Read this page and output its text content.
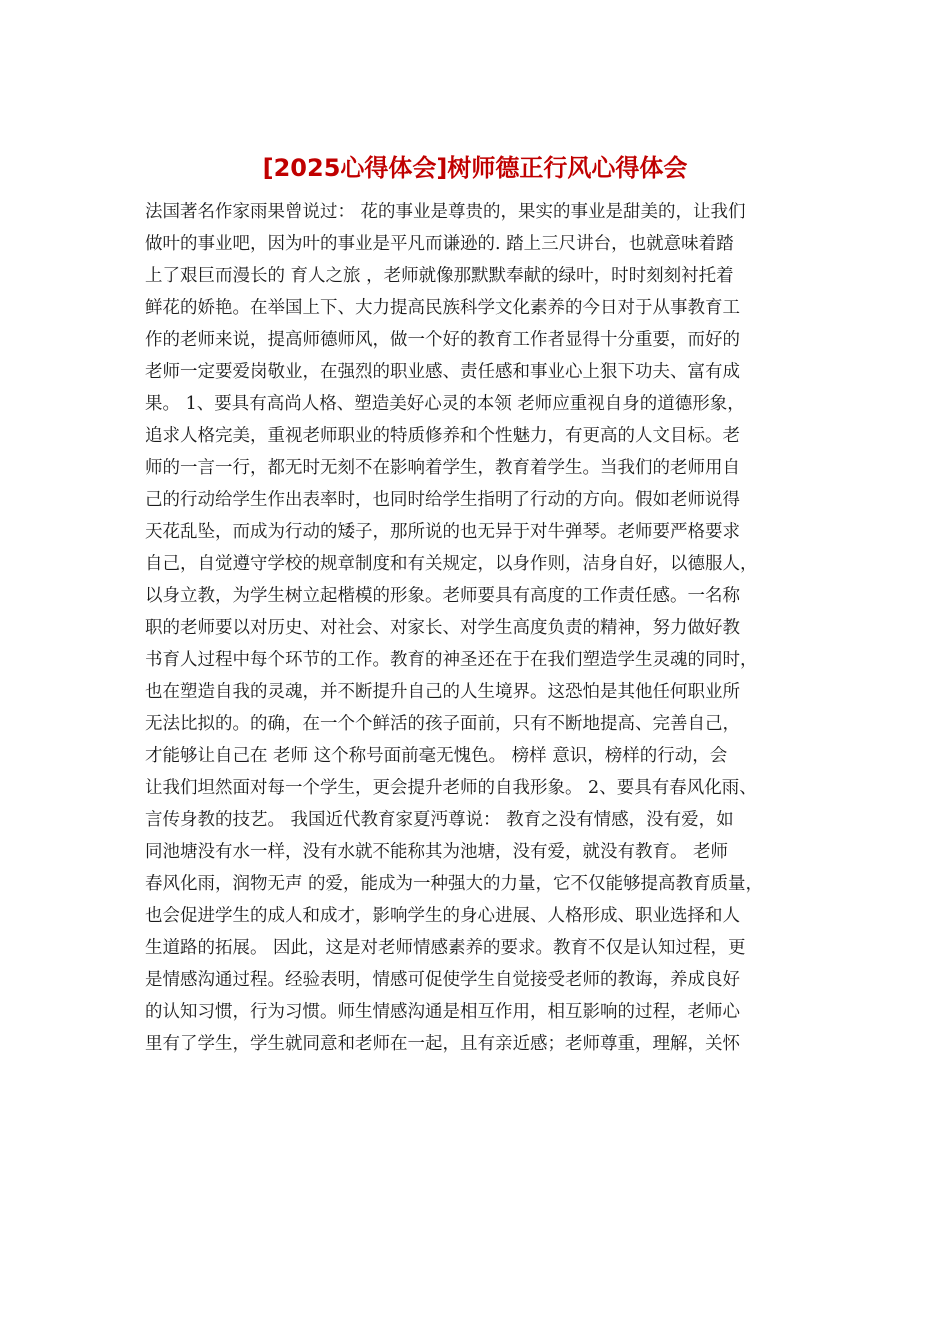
[2025心得体会]树师德正行风心得体会
法国著名作家雨果曾说过： 花的事业是尊贵的，果实的事业是甜美的，让我们
做叶的事业吧，因为叶的事业是平凡而谦逊的. 踏上三尺讲台，也就意味着踏
上了艰巨而漫长的 育人之旅 ，老师就像那默默奉献的绿叶，时时刻刻衬托着
鲜花的娇艳。在举国上下、大力提高民族科学文化素养的今日对于从事教育工
作的老师来说，提高师德师风，做一个好的教育工作者显得十分重要，而好的
老师一定要爱岗敬业，在强烈的职业感、责任感和事业心上狠下功夫、富有成
果。 1、要具有高尚人格、塑造美好心灵的本领 老师应重视自身的道德形象，
追求人格完美，重视老师职业的特质修养和个性魅力，有更高的人文目标。老
师的一言一行，都无时无刻不在影响着学生，教育着学生。当我们的老师用自
己的行动给学生作出表率时，也同时给学生指明了行动的方向。假如老师说得
天花乱坠，而成为行动的矮子，那所说的也无异于对牛弹琴。老师要严格要求
自己，自觉遵守学校的规章制度和有关规定，以身作则，洁身自好，以德服人，
以身立教，为学生树立起楷模的形象。老师要具有高度的工作责任感。一名称
职的老师要以对历史、对社会、对家长、对学生高度负责的精神，努力做好教
书育人过程中每个环节的工作。教育的神圣还在于在我们塑造学生灵魂的同时，
也在塑造自我的灵魂，并不断提升自己的人生境界。这恐怕是其他任何职业所
无法比拟的。的确，在一个个鲜活的孩子面前，只有不断地提高、完善自己，
才能够让自己在 老师 这个称号面前毫无愧色。 榜样 意识，榜样的行动，会
让我们坦然面对每一个学生，更会提升老师的自我形象。 2、要具有春风化雨、
言传身教的技艺。 我国近代教育家夏沔尊说： 教育之没有情感，没有爱，如
同池塘没有水一样，没有水就不能称其为池塘，没有爱，就没有教育。 老师
春风化雨，润物无声 的爱，能成为一种强大的力量，它不仅能够提高教育质量，
也会促进学生的成人和成才，影响学生的身心进展、人格形成、职业选择和人
生道路的拓展。 因此，这是对老师情感素养的要求。教育不仅是认知过程，更
是情感沟通过程。经验表明，情感可促使学生自觉接受老师的教诲，养成良好
的认知习惯，行为习惯。师生情感沟通是相互作用，相互影响的过程，老师心
里有了学生，学生就同意和老师在一起，且有亲近感；老师尊重，理解，关怀
